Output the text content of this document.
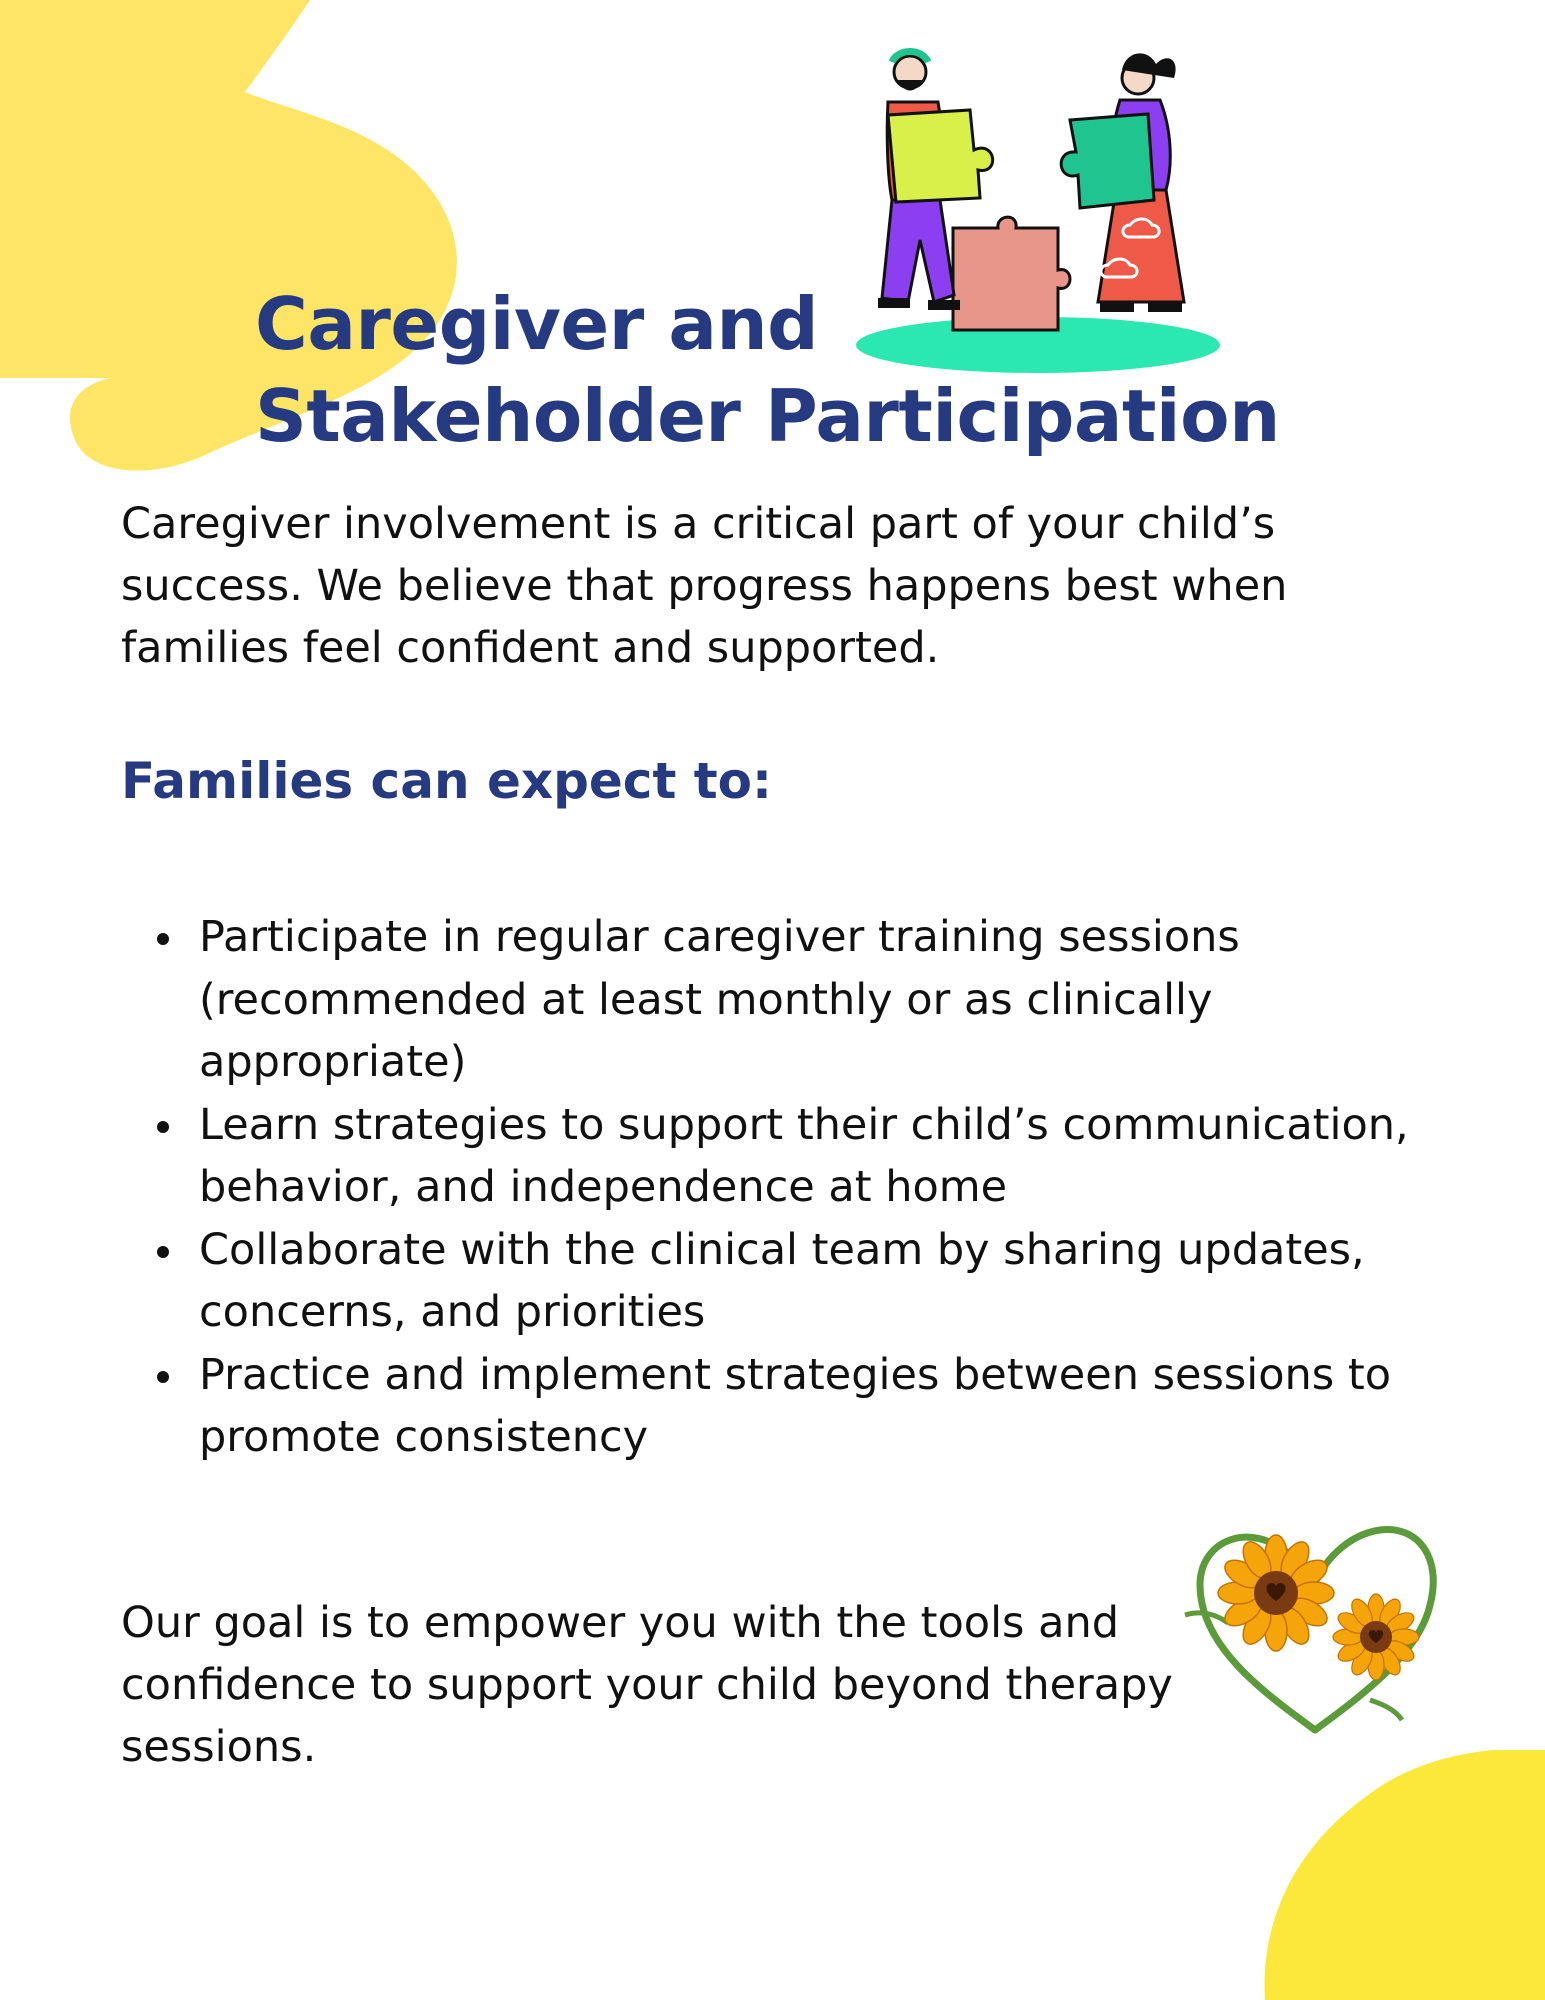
Caregiver and
Stakeholder Participation

Caregiver involvement is a critical part of your child’s success. We believe that progress happens best when families feel confident and supported.

Families can expect to:
Participate in regular caregiver training sessions (recommended at least monthly or as clinically appropriate)
Learn strategies to support their child’s communication, behavior, and independence at home
Collaborate with the clinical team by sharing updates, concerns, and priorities
Practice and implement strategies between sessions to promote consistency

Our goal is to empower you with the tools and confidence to support your child beyond therapy sessions.
